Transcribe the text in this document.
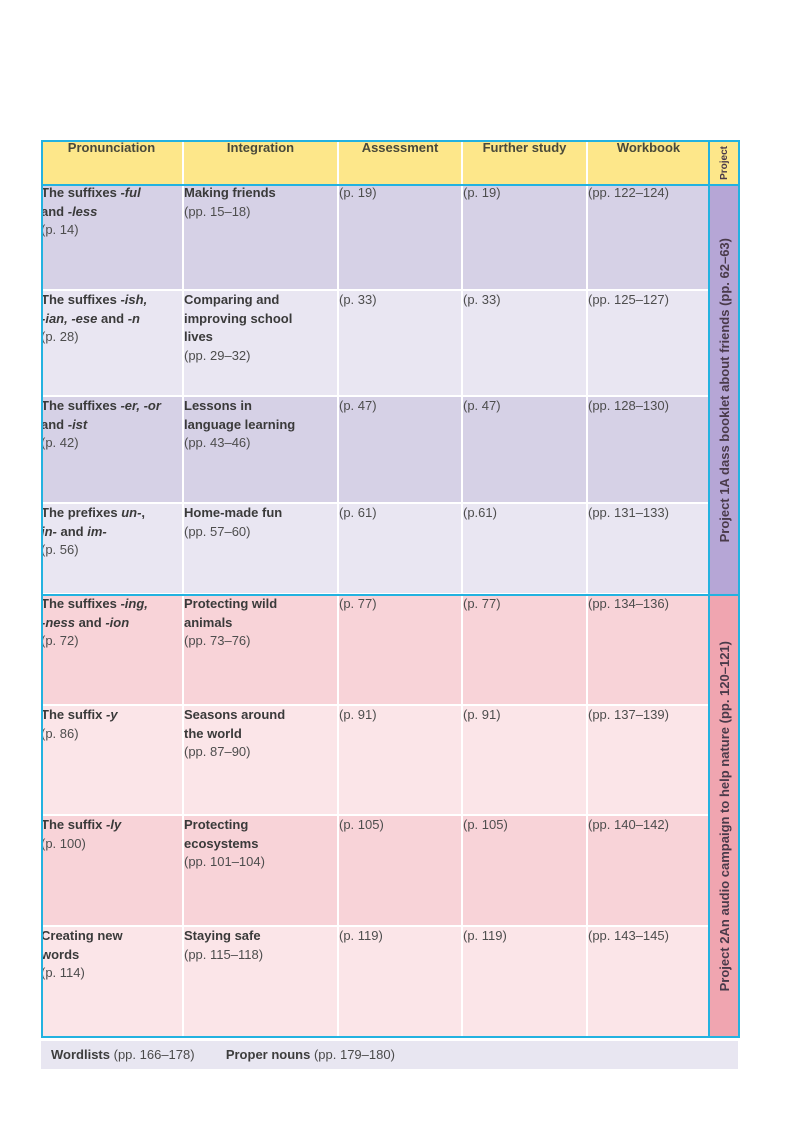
Pronunciation	Integration	Assessment	Further study	Workbook
The suffixes -ful
and -less
(p. 14)	Making friends
(pp. 15–18)	(p. 19)	(p. 19)	(pp. 122–124)
The suffixes -ish,
-ian, -ese and -n
(p. 28)	Comparing and
improving school
lives
(pp. 29–32)	(p. 33)	(p. 33)	(pp. 125–127)
The suffixes -er, -or
and -ist
(p. 42)	Lessons in
language learning
(pp. 43–46)	(p. 47)	(p. 47)	(pp. 128–130)
The prefixes un-,
in- and im-
(p. 56)	Home-made fun
(pp. 57–60)	(p. 61)	(p.61)	(pp. 131–133)
The suffixes -ing,
-ness and -ion
(p. 72)	Protecting wild
animals
(pp. 73–76)	(p. 77)	(p. 77)	(pp. 134–136)
The suffix -y
(p. 86)	Seasons around
the world
(pp. 87–90)	(p. 91)	(p. 91)	(pp. 137–139)
The suffix -ly
(p. 100)	Protecting
ecosystems
(pp. 101–104)	(p. 105)	(p. 105)	(pp. 140–142)
Creating new
words
(p. 114)	Staying safe
(pp. 115–118)	(p. 119)	(p. 119)	(pp. 143–145)
Project
Project 1A dass booklet about friends (pp. 62–63)
Project 2An audio campaign to help nature (pp. 120–121)
Wordlists (pp. 166–178) Proper nouns (pp. 179–180)
